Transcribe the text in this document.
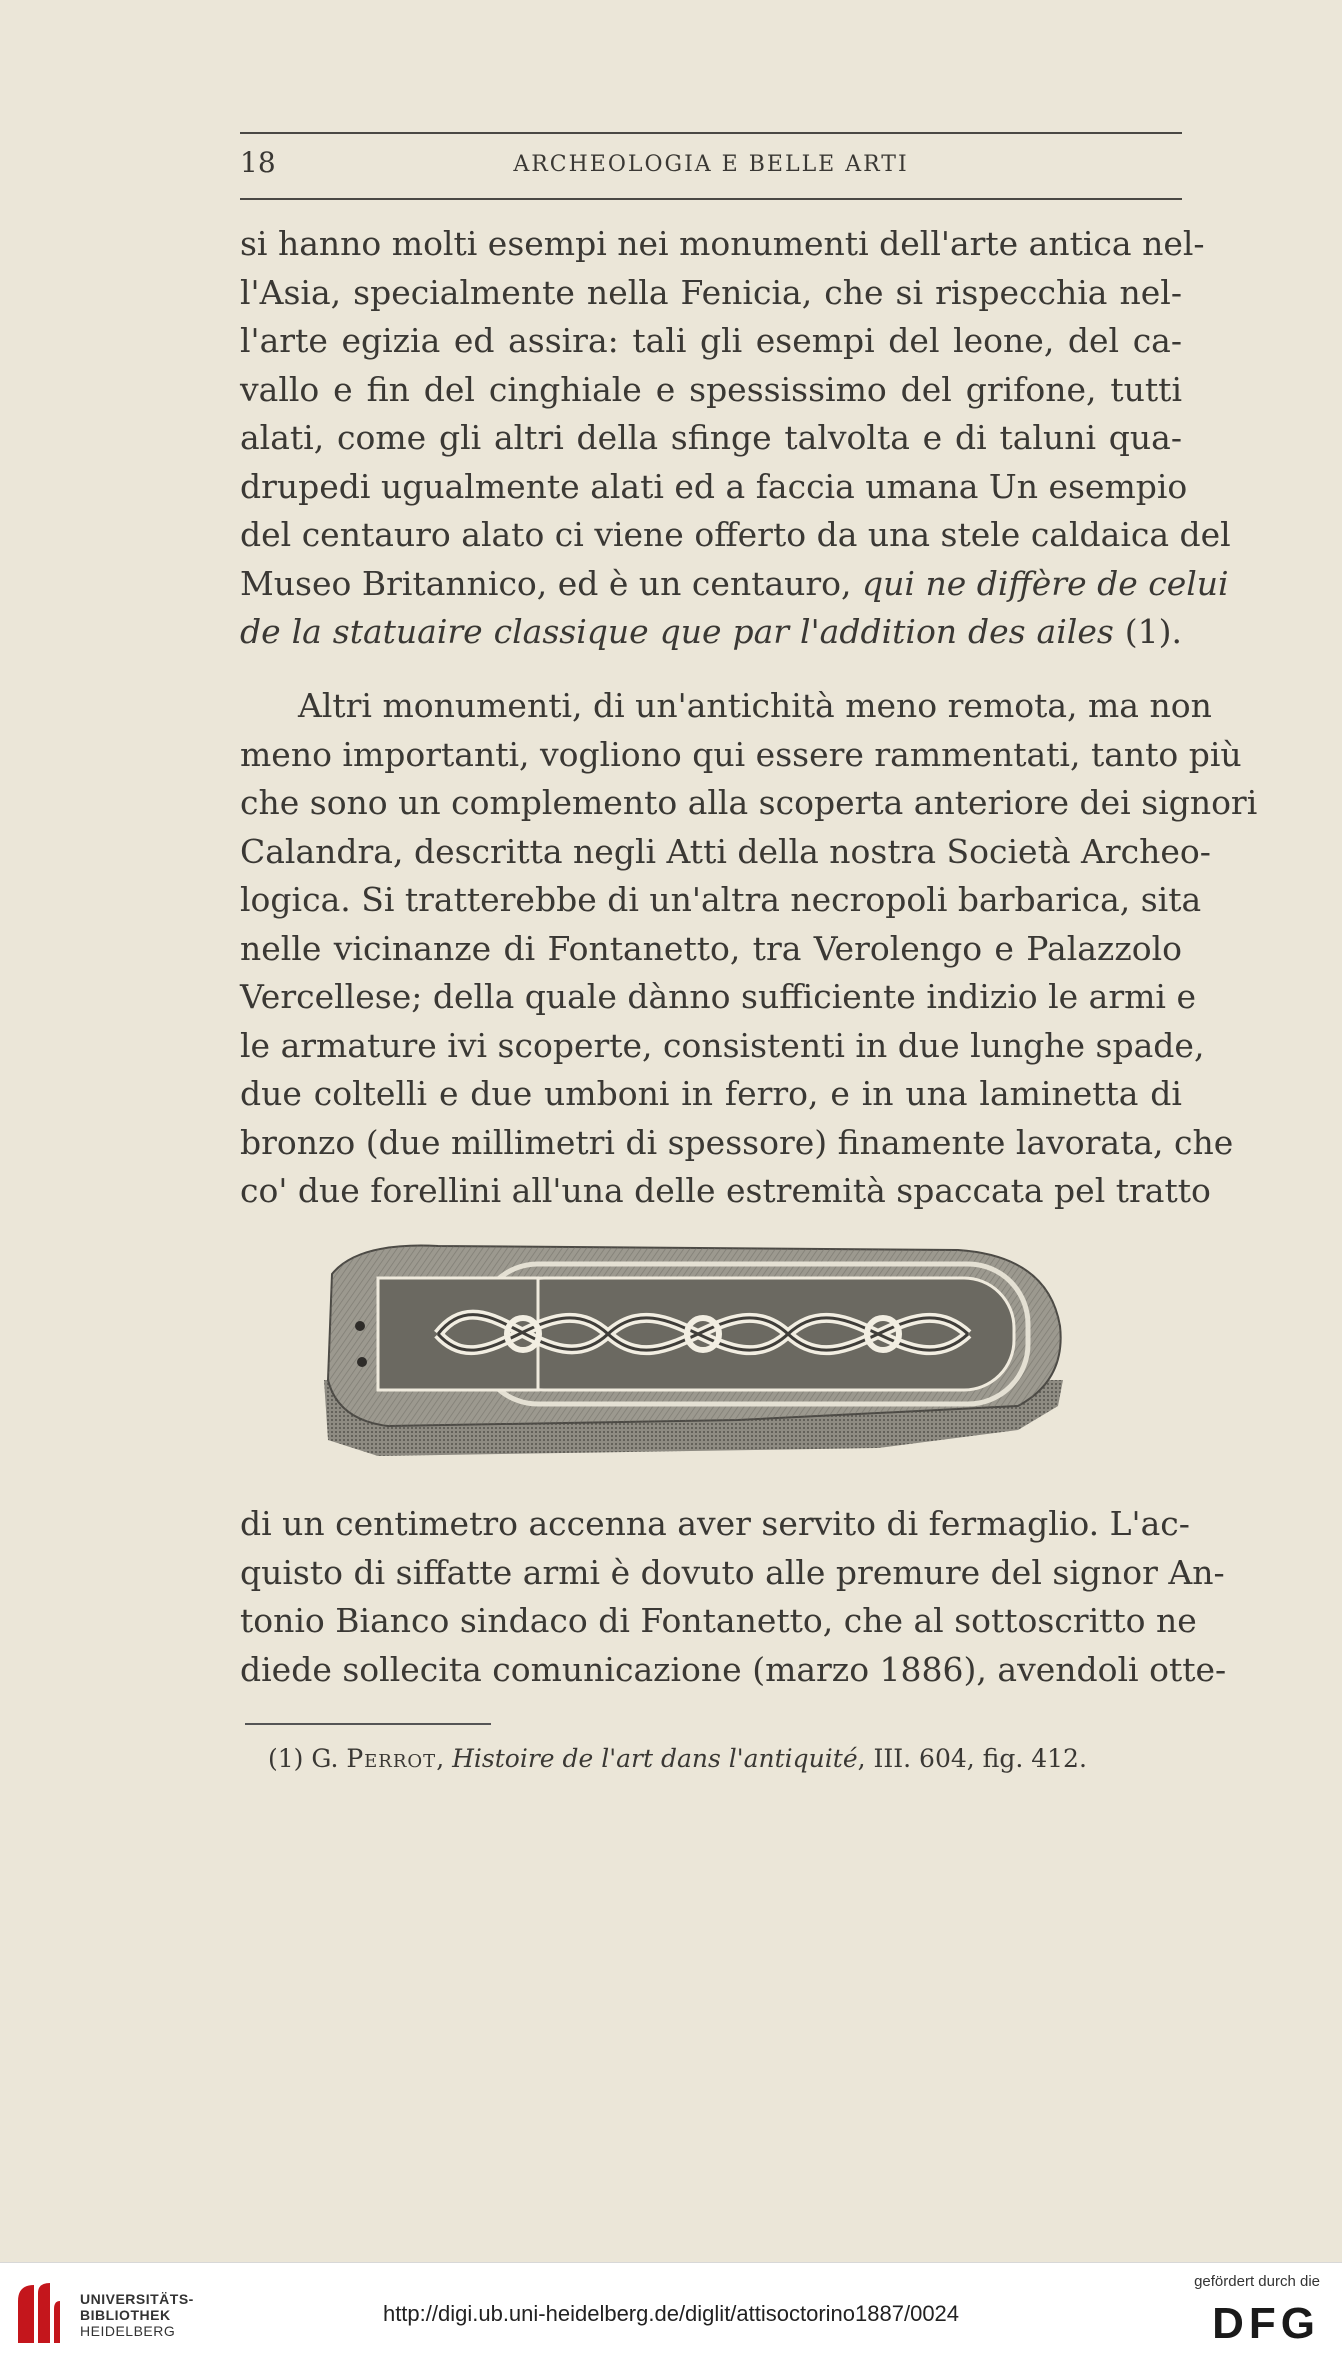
18	ARCHEOLOGIA E BELLE ARTI
si hanno molti esempi nei monumenti dell'arte antica nel-
l'Asia, specialmente nella Fenicia, che si rispecchia nel-
l'arte egizia ed assira: tali gli esempi del leone, del ca-
vallo e fin del cinghiale e spessissimo del grifone, tutti
alati, come gli altri della sfinge talvolta e di taluni qua-
drupedi ugualmente alati ed a faccia umana Un esempio
del centauro alato ci viene offerto da una stele caldaica del
Museo Britannico, ed è un centauro, qui ne diffère de celui
de la statuaire classique que par l'addition des ailes (1).
Altri monumenti, di un'antichità meno remota, ma non
meno importanti, vogliono qui essere rammentati, tanto più
che sono un complemento alla scoperta anteriore dei signori
Calandra, descritta negli Atti della nostra Società Archeo-
logica. Si tratterebbe di un'altra necropoli barbarica, sita
nelle vicinanze di Fontanetto, tra Verolengo e Palazzolo
Vercellese; della quale dànno sufficiente indizio le armi e
le armature ivi scoperte, consistenti in due lunghe spade,
due coltelli e due umboni in ferro, e in una laminetta di
bronzo (due millimetri di spessore) finamente lavorata, che
co' due forellini all'una delle estremità spaccata pel tratto
di un centimetro accenna aver servito di fermaglio. L'ac-
quisto di siffatte armi è dovuto alle premure del signor An-
tonio Bianco sindaco di Fontanetto, che al sottoscritto ne
diede sollecita comunicazione (marzo 1886), avendoli otte-
(1) G. Perrot, Histoire de l'art dans l'antiquité, III. 604, fig. 412.
UNIVERSITÄTS-
BIBLIOTHEK
HEIDELBERG
http://digi.ub.uni-heidelberg.de/diglit/attisoctorino1887/0024
gefördert durch die
DFG
